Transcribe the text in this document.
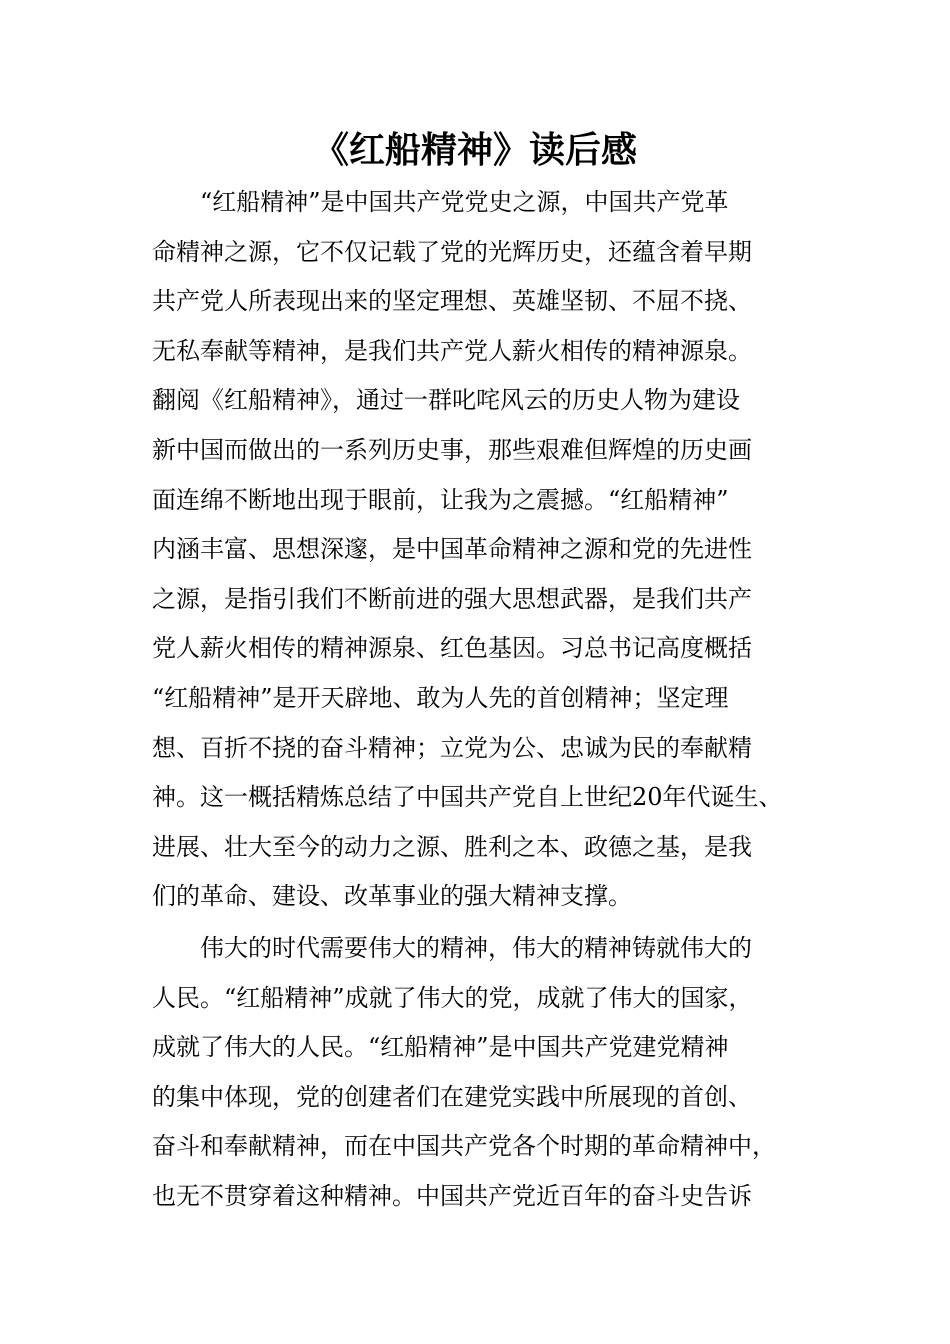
《红船精神》读后感
　　“红船精神”是中国共产党党史之源，中国共产党革
命精神之源，它不仅记载了党的光辉历史，还蕴含着早期
共产党人所表现出来的坚定理想、英雄坚韧、不屈不挠、
无私奉献等精神，是我们共产党人薪火相传的精神源泉。
翻阅《红船精神》，通过一群叱咤风云的历史人物为建设
新中国而做出的一系列历史事，那些艰难但辉煌的历史画
面连绵不断地出现于眼前，让我为之震撼。“红船精神”
内涵丰富、思想深邃，是中国革命精神之源和党的先进性
之源，是指引我们不断前进的强大思想武器，是我们共产
党人薪火相传的精神源泉、红色基因。习总书记高度概括
“红船精神”是开天辟地、敢为人先的首创精神；坚定理
想、百折不挠的奋斗精神；立党为公、忠诚为民的奉献精
神。这一概括精炼总结了中国共产党自上世纪20年代诞生、
进展、壮大至今的动力之源、胜利之本、政德之基，是我
们的革命、建设、改革事业的强大精神支撑。
　　伟大的时代需要伟大的精神，伟大的精神铸就伟大的
人民。“红船精神”成就了伟大的党，成就了伟大的国家，
成就了伟大的人民。“红船精神”是中国共产党建党精神
的集中体现，党的创建者们在建党实践中所展现的首创、
奋斗和奉献精神，而在中国共产党各个时期的革命精神中，
也无不贯穿着这种精神。中国共产党近百年的奋斗史告诉
